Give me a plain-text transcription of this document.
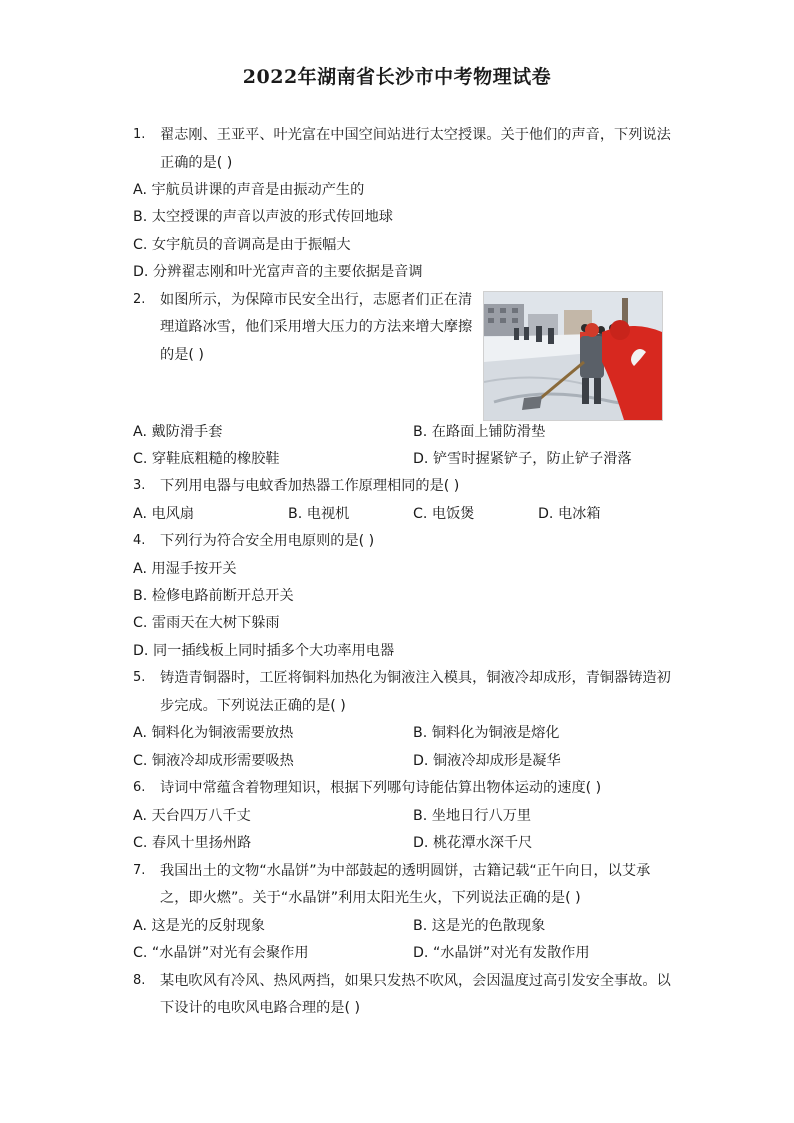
2022年湖南省长沙市中考物理试卷
1.	翟志刚、王亚平、叶光富在中国空间站进行太空授课。关于他们的声音，下列说法
正确的是( )
A. 宇航员讲课的声音是由振动产生的
B. 太空授课的声音以声波的形式传回地球
C. 女宇航员的音调高是由于振幅大
D. 分辨翟志刚和叶光富声音的主要依据是音调
2.	如图所示，为保障市民安全出行，志愿者们正在清
理道路冰雪，他们采用增大压力的方法来增大摩擦
的是( )
A. 戴防滑手套	B. 在路面上铺防滑垫
C. 穿鞋底粗糙的橡胶鞋	D. 铲雪时握紧铲子，防止铲子滑落
3.	下列用电器与电蚊香加热器工作原理相同的是( )
A. 电风扇	B. 电视机	C. 电饭煲	D. 电冰箱
4.	下列行为符合安全用电原则的是( )
A. 用湿手按开关
B. 检修电路前断开总开关
C. 雷雨天在大树下躲雨
D. 同一插线板上同时插多个大功率用电器
5.	铸造青铜器时，工匠将铜料加热化为铜液注入模具，铜液冷却成形，青铜器铸造初
步完成。下列说法正确的是( )
A. 铜料化为铜液需要放热	B. 铜料化为铜液是熔化
C. 铜液冷却成形需要吸热	D. 铜液冷却成形是凝华
6.	诗词中常蕴含着物理知识，根据下列哪句诗能估算出物体运动的速度( )
A. 天台四万八千丈	B. 坐地日行八万里
C. 春风十里扬州路	D. 桃花潭水深千尺
7.	我国出土的文物“水晶饼”为中部鼓起的透明圆饼，古籍记载“正午向日，以艾承
之，即火燃”。关于“水晶饼”利用太阳光生火，下列说法正确的是( )
A. 这是光的反射现象	B. 这是光的色散现象
C. “水晶饼”对光有会聚作用	D. “水晶饼”对光有发散作用
8.	某电吹风有冷风、热风两挡，如果只发热不吹风，会因温度过高引发安全事故。以
下设计的电吹风电路合理的是( )
